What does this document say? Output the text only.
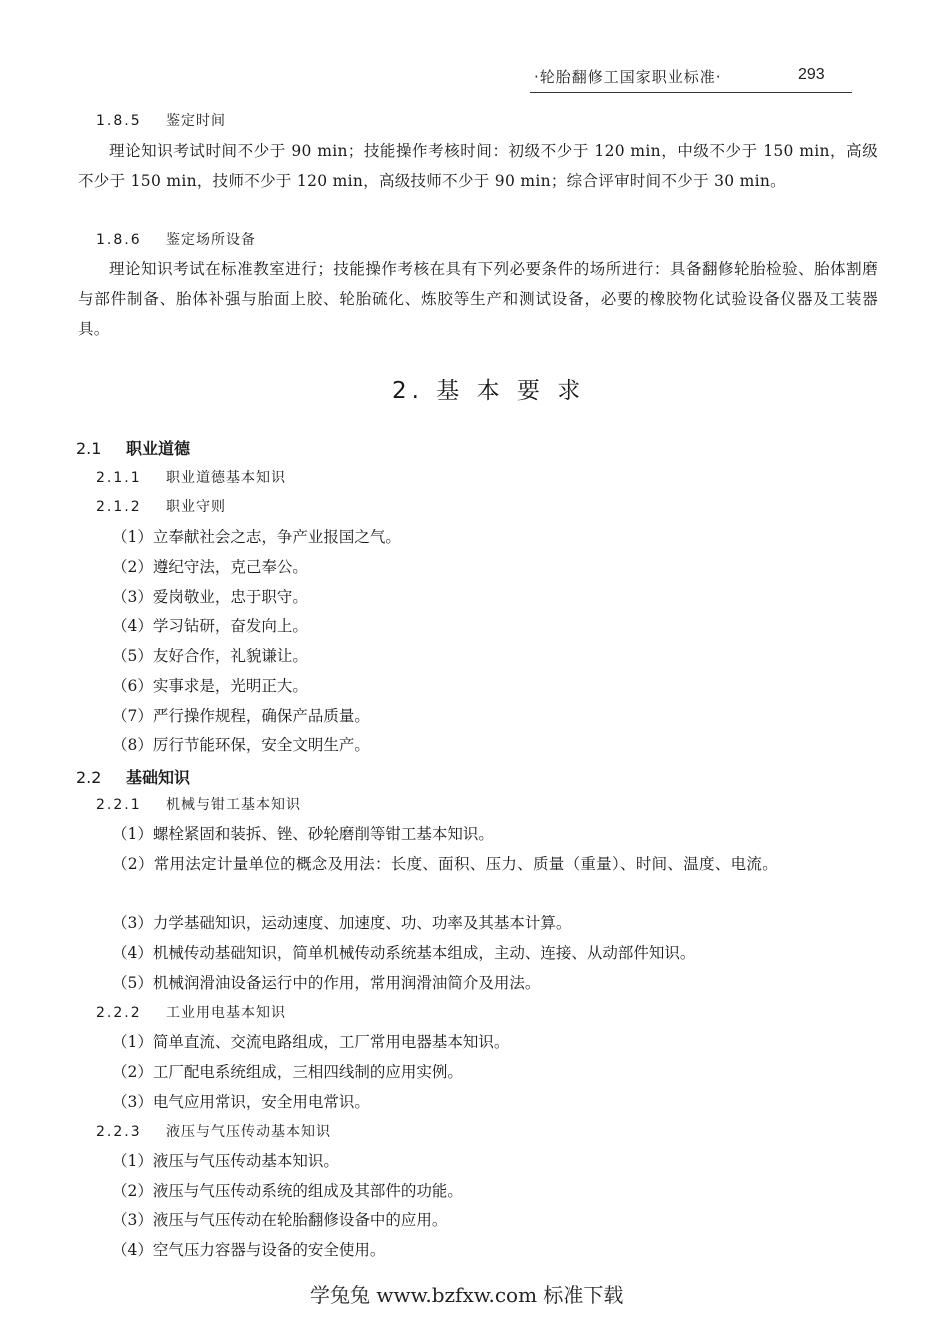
·轮胎翻修工国家职业标准·	293
1.8.5 鉴定时间
理论知识考试时间不少于 90 min；技能操作考核时间：初级不少于 120 min，中级不少于 150 min，高级不少于 150 min，技师不少于 120 min，高级技师不少于 90 min；综合评审时间不少于 30 min。
1.8.6 鉴定场所设备
理论知识考试在标准教室进行；技能操作考核在具有下列必要条件的场所进行：具备翻修轮胎检验、胎体割磨与部件制备、胎体补强与胎面上胶、轮胎硫化、炼胶等生产和测试设备，必要的橡胶物化试验设备仪器及工装器具。
2. 基 本 要 求
2.1 职业道德
2.1.1 职业道德基本知识
2.1.2 职业守则
（1）立奉献社会之志，争产业报国之气。
（2）遵纪守法，克己奉公。
（3）爱岗敬业，忠于职守。
（4）学习钻研，奋发向上。
（5）友好合作，礼貌谦让。
（6）实事求是，光明正大。
（7）严行操作规程，确保产品质量。
（8）厉行节能环保，安全文明生产。
2.2 基础知识
2.2.1 机械与钳工基本知识
（1）螺栓紧固和装拆、锉、砂轮磨削等钳工基本知识。
（2）常用法定计量单位的概念及用法：长度、面积、压力、质量（重量）、时间、温度、电流。
（3）力学基础知识，运动速度、加速度、功、功率及其基本计算。
（4）机械传动基础知识，简单机械传动系统基本组成，主动、连接、从动部件知识。
（5）机械润滑油设备运行中的作用，常用润滑油简介及用法。
2.2.2 工业用电基本知识
（1）简单直流、交流电路组成，工厂常用电器基本知识。
（2）工厂配电系统组成，三相四线制的应用实例。
（3）电气应用常识，安全用电常识。
2.2.3 液压与气压传动基本知识
（1）液压与气压传动基本知识。
（2）液压与气压传动系统的组成及其部件的功能。
（3）液压与气压传动在轮胎翻修设备中的应用。
（4）空气压力容器与设备的安全使用。
学兔兔 www.bzfxw.com 标准下载
